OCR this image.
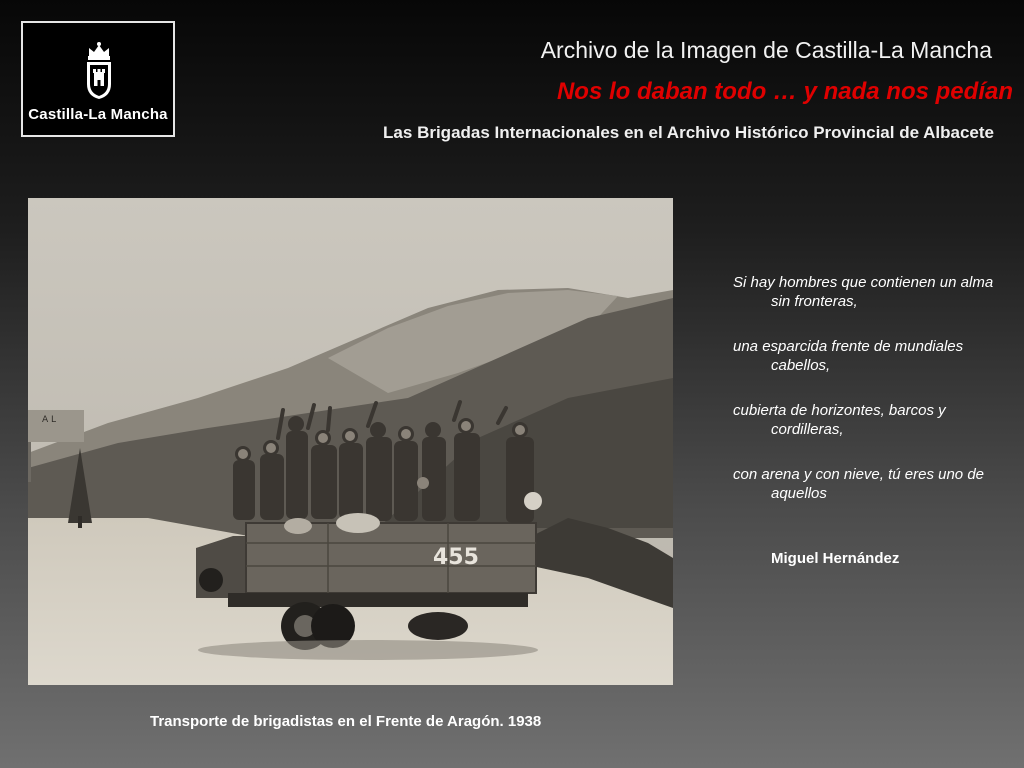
Castilla-La Mancha
Archivo de la Imagen de Castilla-La Mancha
Nos lo daban todo … y nada nos pedían
Las Brigadas Internacionales en el Archivo Histórico Provincial de Albacete
A L
455

Si hay hombres que contienen un alma sin fronteras,

una esparcida frente de mundiales cabellos,

cubierta de horizontes, barcos y cordilleras,

con arena y con nieve, tú eres uno de aquellos

Miguel Hernández
Transporte de brigadistas en el Frente de Aragón. 1938
